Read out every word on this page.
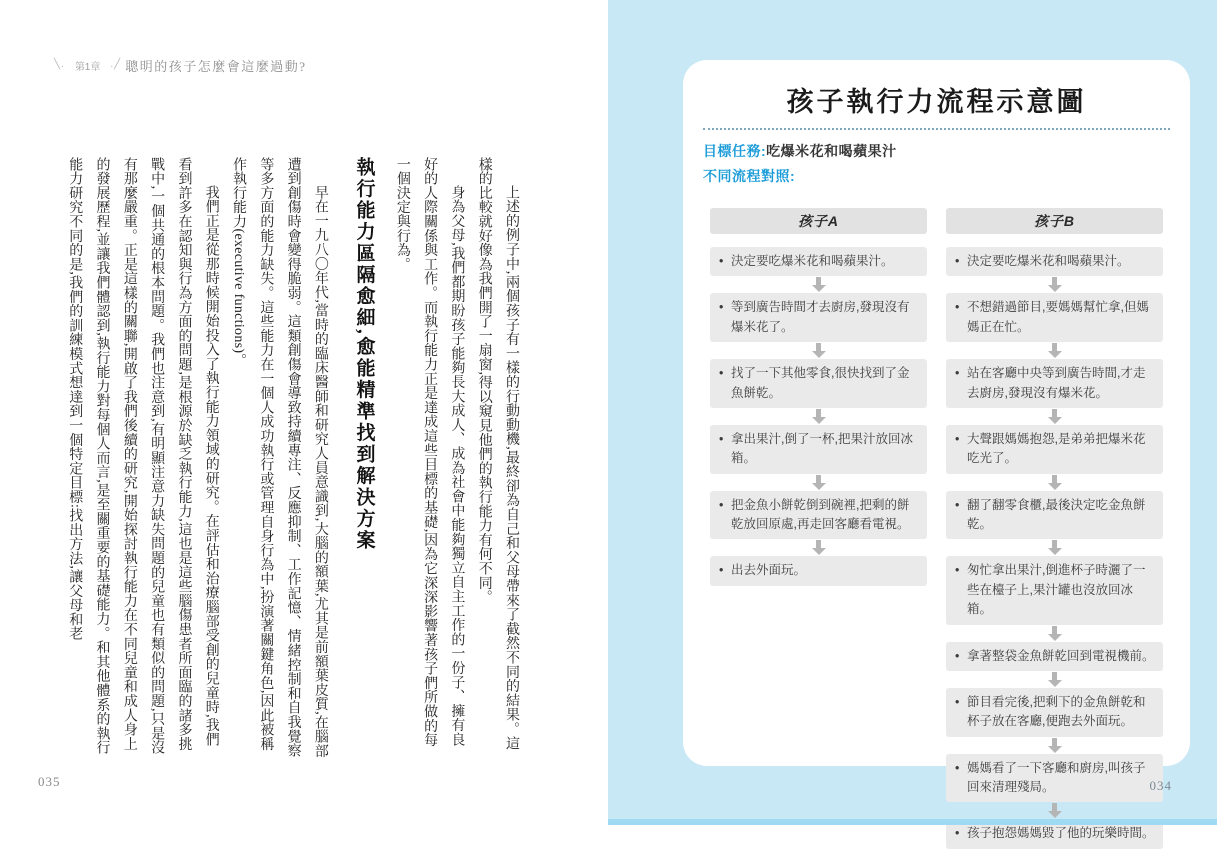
╲. 第1章 .╱ 聰明的孩子怎麼會這麼過動?

上述的例子中,兩個孩子有一樣的行動動機,最終卻為自己和父母帶來了截然不同的結果。這樣的比較就好像為我們開了一扇窗,得以窺見他們的執行能力有何不同。

身為父母,我們都期盼孩子能夠長大成人、成為社會中能夠獨立自主工作的一份子、擁有良好的人際關係與工作。而執行能力正是達成這些目標的基礎,因為它深深影響著孩子們所做的每一個決定與行為。

執行能力區隔愈細,愈能精準找到解決方案

早在一九八〇年代,當時的臨床醫師和研究人員意識到,大腦的額葉,尤其是前額葉皮質,在腦部遭到創傷時會變得脆弱。這類創傷會導致持續專注、反應抑制、工作記憶、情緒控制和自我覺察等多方面的能力缺失。這些能力在一個人成功執行或管理自身行為中,扮演著關鍵角色,因此被稱作執行能力(executive functions)。

我們正是從那時候開始投入了執行能力領域的研究。在評估和治療腦部受創的兒童時,我們看到許多在認知與行為方面的問題,是根源於缺乏執行能力,這也是這些腦傷患者所面臨的諸多挑戰中,一個共通的根本問題。我們也注意到,有明顯注意力缺失問題的兒童也有類似的問題,只是沒有那麼嚴重。正是這樣的關聯,開啟了我們後續的研究,開始探討執行能力在不同兒童和成人身上的發展歷程,並讓我們體認到,執行能力對每個人而言,是至關重要的基礎能力。和其他體系的執行能力研究不同的是,我們的訓練模式想達到一個特定目標:找出方法,讓父母和老

035
孩子執行力流程示意圖
目標任務:吃爆米花和喝蘋果汁
不同流程對照:
孩子A
• 決定要吃爆米花和喝蘋果汁。
• 等到廣告時間才去廚房,發現沒有爆米花了。
• 找了一下其他零食,很快找到了金魚餅乾。
• 拿出果汁,倒了一杯,把果汁放回冰箱。
• 把金魚小餅乾倒到碗裡,把剩的餅乾放回原處,再走回客廳看電視。
• 出去外面玩。
孩子B
• 決定要吃爆米花和喝蘋果汁。
• 不想錯過節目,要媽媽幫忙拿,但媽媽正在忙。
• 站在客廳中央等到廣告時間,才走去廚房,發現沒有爆米花。
• 大聲跟媽媽抱怨,是弟弟把爆米花吃光了。
• 翻了翻零食櫃,最後決定吃金魚餅乾。
• 匆忙拿出果汁,倒進杯子時灑了一些在檯子上,果汁罐也沒放回冰箱。
• 拿著整袋金魚餅乾回到電視機前。
• 節目看完後,把剩下的金魚餅乾和杯子放在客廳,便跑去外面玩。
• 媽媽看了一下客廳和廚房,叫孩子回來清理殘局。
• 孩子抱怨媽媽毀了他的玩樂時間。
034
